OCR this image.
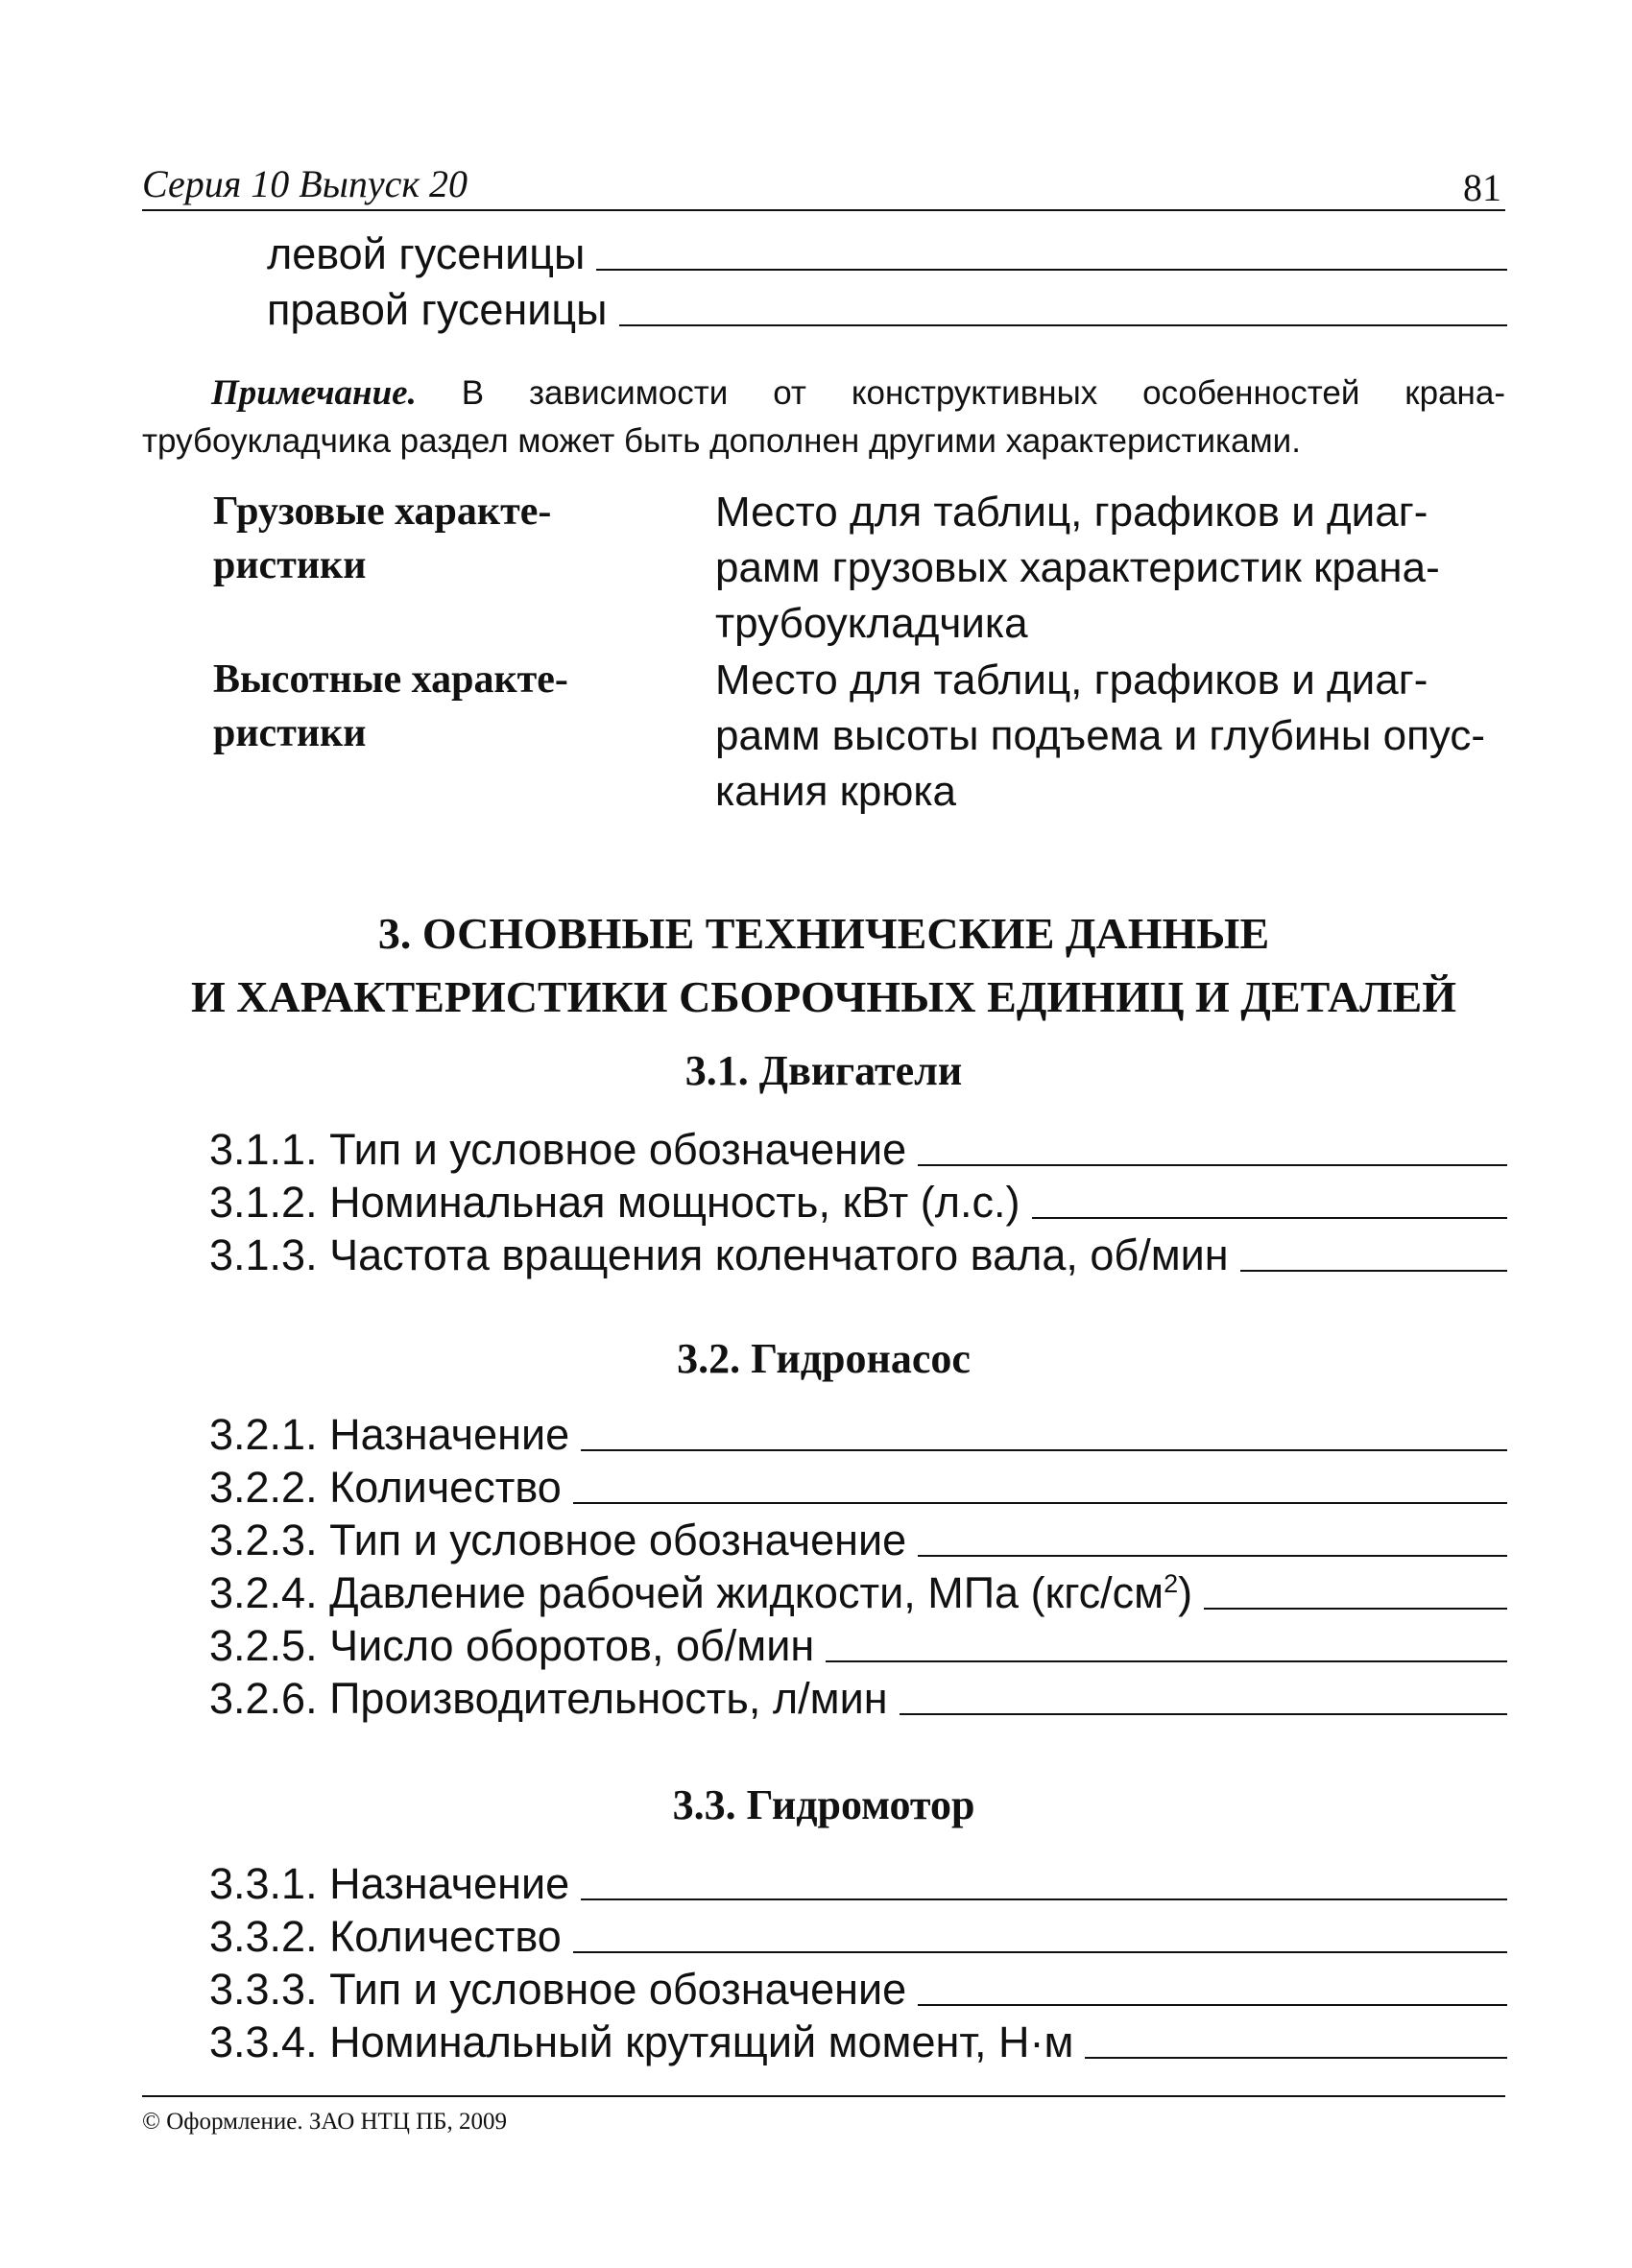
Серия 10 Выпуск 20	81
левой гусеницы
правой гусеницы
Примечание. В зависимости от конструктивных особенностей крана-трубоукладчика раздел может быть дополнен другими характеристиками.
Грузовые характе-ристики
Место для таблиц, графиков и диаг-рамм грузовых характеристик крана-трубоукладчика
Высотные характе-ристики
Место для таблиц, графиков и диаг-рамм высоты подъема и глубины опус-кания крюка
3. ОСНОВНЫЕ ТЕХНИЧЕСКИЕ ДАННЫЕ
И ХАРАКТЕРИСТИКИ СБОРОЧНЫХ ЕДИНИЦ И ДЕТАЛЕЙ
3.1. Двигатели
3.1.1. Тип и условное обозначение
3.1.2. Номинальная мощность, кВт (л.с.)
3.1.3. Частота вращения коленчатого вала, об/мин
3.2. Гидронасос
3.2.1. Назначение
3.2.2. Количество
3.2.3. Тип и условное обозначение
3.2.4. Давление рабочей жидкости, МПа $(кгс/см^2)$
3.2.5. Число оборотов, об/мин
3.2.6. Производительность, л/мин
3.3. Гидромотор
3.3.1. Назначение
3.3.2. Количество
3.3.3. Тип и условное обозначение
3.3.4. Номинальный крутящий момент, Н·м
© Оформление. ЗАО НТЦ ПБ, 2009
